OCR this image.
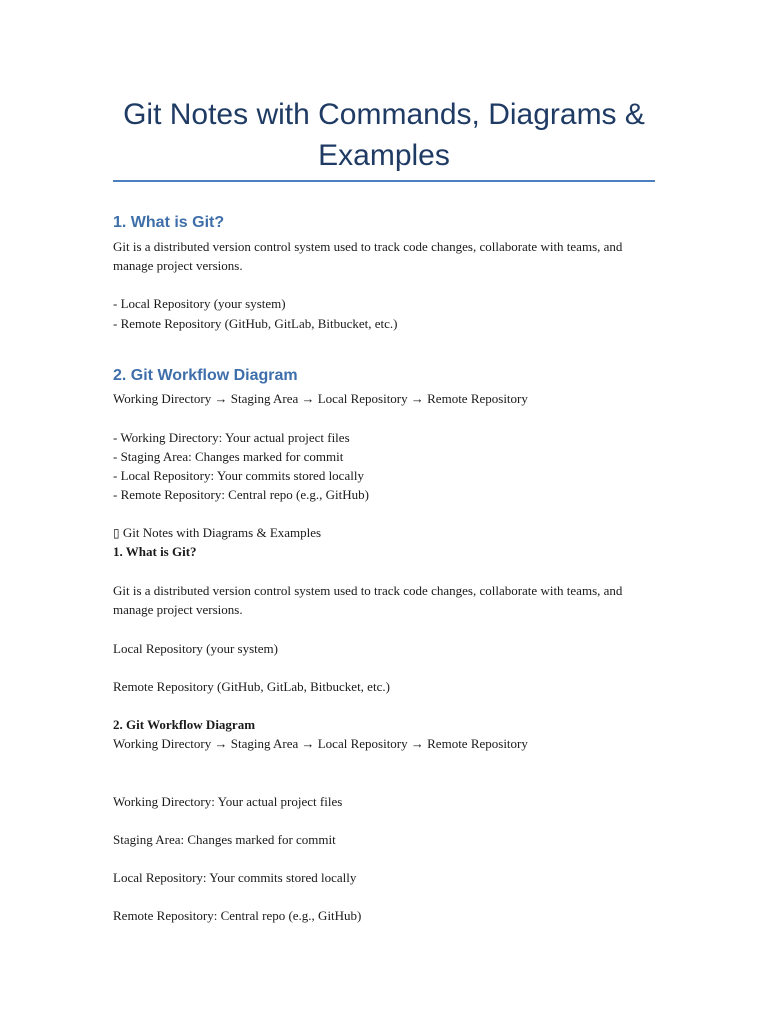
Git Notes with Commands, Diagrams & Examples
1. What is Git?

Git is a distributed version control system used to track code changes, collaborate with teams, and manage project versions.

- Local Repository (your system)

- Remote Repository (GitHub, GitLab, Bitbucket, etc.)

2. Git Workflow Diagram

Working Directory → Staging Area → Local Repository → Remote Repository

- Working Directory: Your actual project files

- Staging Area: Changes marked for commit

- Local Repository: Your commits stored locally

- Remote Repository: Central repo (e.g., GitHub)

▯ Git Notes with Diagrams & Examples

1. What is Git?

Git is a distributed version control system used to track code changes, collaborate with teams, and manage project versions.

Local Repository (your system)

Remote Repository (GitHub, GitLab, Bitbucket, etc.)

2. Git Workflow Diagram

Working Directory → Staging Area → Local Repository → Remote Repository

Working Directory: Your actual project files

Staging Area: Changes marked for commit

Local Repository: Your commits stored locally

Remote Repository: Central repo (e.g., GitHub)
